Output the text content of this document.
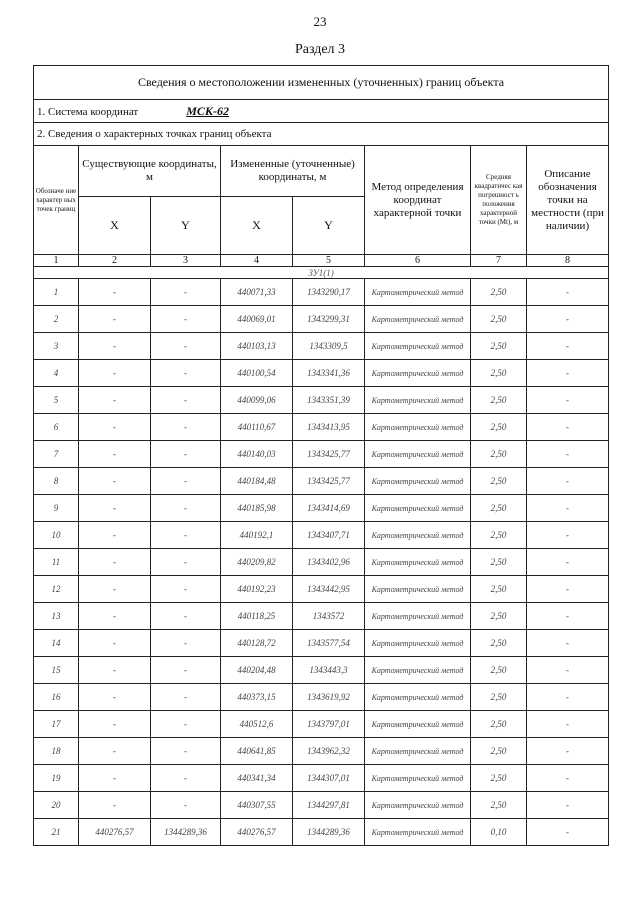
23
Раздел 3
Сведения о местоположении измененных (уточненных) границ объекта							
1. Система координат МСК-62							
2. Сведения о характерных точках границ объекта							
Обозначе ние характер ных точек границ	Существующие координаты, м		Измененные (уточненные) координаты, м		Метод определения координат характерной точки	Средняя квадратичес кая погрешност ь положения характерной точки (Mt), м	Описание обозначения точки на местности (при наличии)
	X	Y	X	Y			
1	2	3	4	5	6	7	8
ЗУ1(1)							
1	-	-	440071,33	1343290,17	Картометрический метод	2,50	-
2	-	-	440069,01	1343299,31	Картометрический метод	2,50	-
3	-	-	440103,13	1343309,5	Картометрический метод	2,50	-
4	-	-	440100,54	1343341,36	Картометрический метод	2,50	-
5	-	-	440099,06	1343351,39	Картометрический метод	2,50	-
6	-	-	440110,67	1343413,95	Картометрический метод	2,50	-
7	-	-	440140,03	1343425,77	Картометрический метод	2,50	-
8	-	-	440184,48	1343425,77	Картометрический метод	2,50	-
9	-	-	440185,98	1343414,69	Картометрический метод	2,50	-
10	-	-	440192,1	1343407,71	Картометрический метод	2,50	-
11	-	-	440209,82	1343402,96	Картометрический метод	2,50	-
12	-	-	440192,23	1343442,95	Картометрический метод	2,50	-
13	-	-	440118,25	1343572	Картометрический метод	2,50	-
14	-	-	440128,72	1343577,54	Картометрический метод	2,50	-
15	-	-	440204,48	1343443,3	Картометрический метод	2,50	-
16	-	-	440373,15	1343619,92	Картометрический метод	2,50	-
17	-	-	440512,6	1343797,01	Картометрический метод	2,50	-
18	-	-	440641,85	1343962,32	Картометрический метод	2,50	-
19	-	-	440341,34	1344307,01	Картометрический метод	2,50	-
20	-	-	440307,55	1344297,81	Картометрический метод	2,50	-
21	440276,57	1344289,36	440276,57	1344289,36	Картометрический метод	0,10	-
